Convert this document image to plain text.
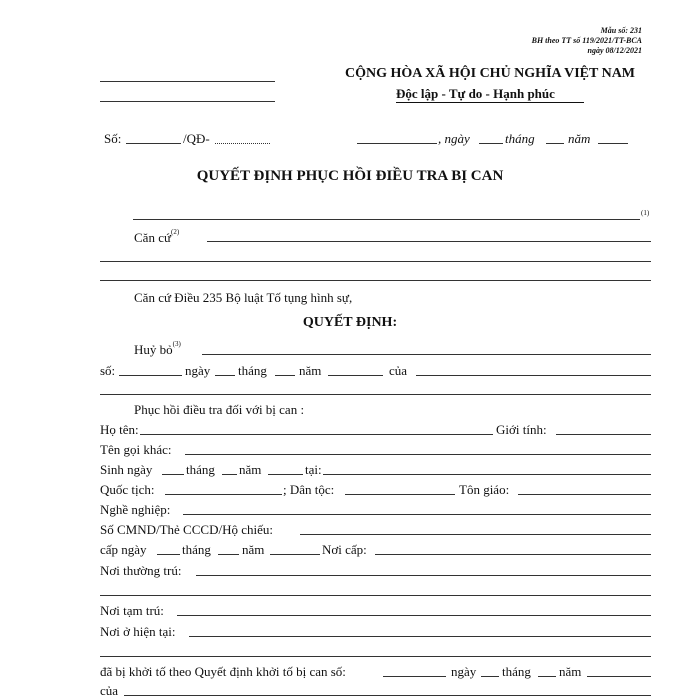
Mẫu số: 231
BH theo TT số 119/2021/TT-BCA
ngày 08/12/2021
CỘNG HÒA XÃ HỘI CHỦ NGHĨA VIỆT NAM
Độc lập - Tự do - Hạnh phúc
Số:	/QĐ-	, ngày	tháng	năm
QUYẾT ĐỊNH PHỤC HỒI ĐIỀU TRA BỊ CAN
(1)
Căn cứ$^{(2)}$
Căn cứ Điều 235 Bộ luật Tố tụng hình sự,
QUYẾT ĐỊNH:
Huỷ bỏ$^{(3)}$
số:	ngày tháng năm	của
Phục hồi điều tra đối với bị can :
Họ tên:	Giới tính:
Tên gọi khác:
Sinh ngày	tháng năm	tại:
Quốc tịch:	; Dân tộc:	Tôn giáo:
Nghề nghiệp:
Số CMND/Thẻ CCCD/Hộ chiếu:
cấp ngày	tháng năm	Nơi cấp:
Nơi thường trú:
Nơi tạm trú:
Nơi ở hiện tại:
đã bị khởi tố theo Quyết định khởi tố bị can số:	ngày tháng năm
của
